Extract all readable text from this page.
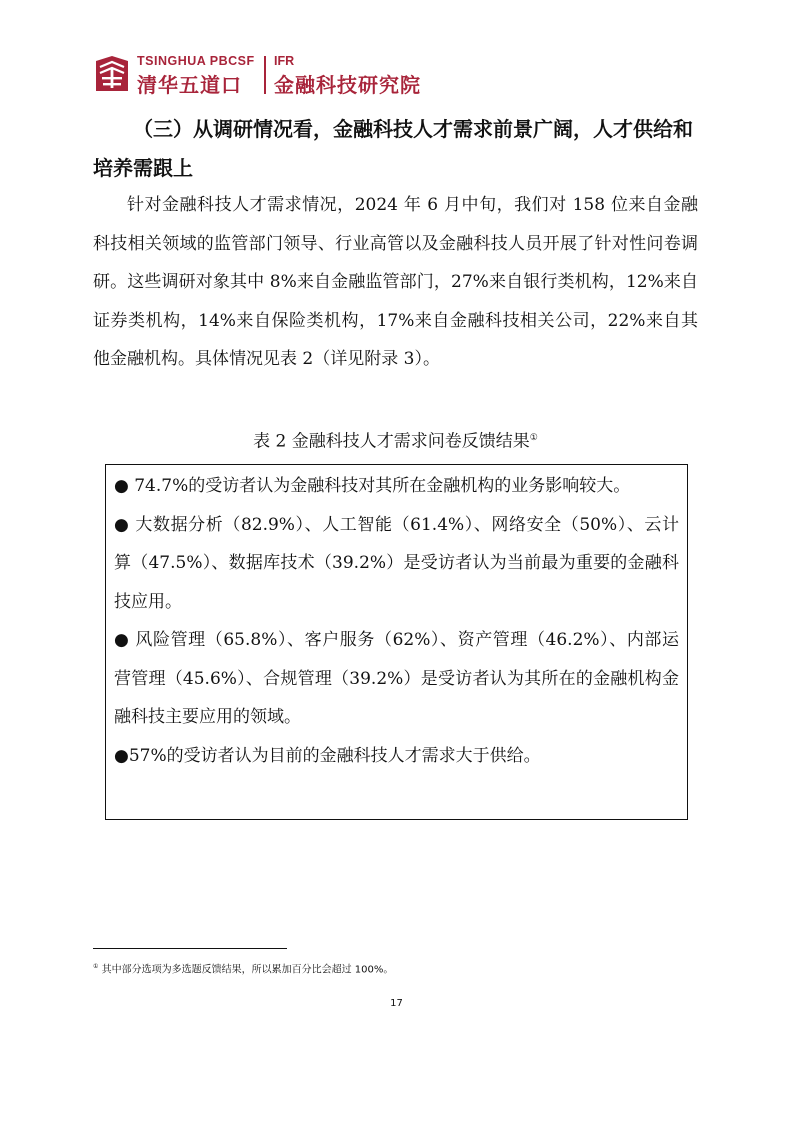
TSINGHUA PBCSF
清华五道口
IFR
金融科技研究院

（三）从调研情况看，金融科技人才需求前景广阔，人才供给和培养需跟上

针对金融科技人才需求情况，2024 年 6 月中旬，我们对 158 位来自金融科技相关领域的监管部门领导、行业高管以及金融科技人员开展了针对性问卷调研。这些调研对象其中 8%来自金融监管部门，27%来自银行类机构，12%来自证券类机构，14%来自保险类机构，17%来自金融科技相关公司，22%来自其他金融机构。具体情况见表 2（详见附录 3）。

表 2 金融科技人才需求问卷反馈结果①

● 74.7%的受访者认为金融科技对其所在金融机构的业务影响较大。

● 大数据分析（82.9%）、人工智能（61.4%）、网络安全（50%）、云计算（47.5%）、数据库技术（39.2%）是受访者认为当前最为重要的金融科技应用。

● 风险管理（65.8%）、客户服务（62%）、资产管理（46.2%）、内部运营管理（45.6%）、合规管理（39.2%）是受访者认为其所在的金融机构金融科技主要应用的领域。

●57%的受访者认为目前的金融科技人才需求大于供给。

① 其中部分选项为多选题反馈结果，所以累加百分比会超过 100%。
17
